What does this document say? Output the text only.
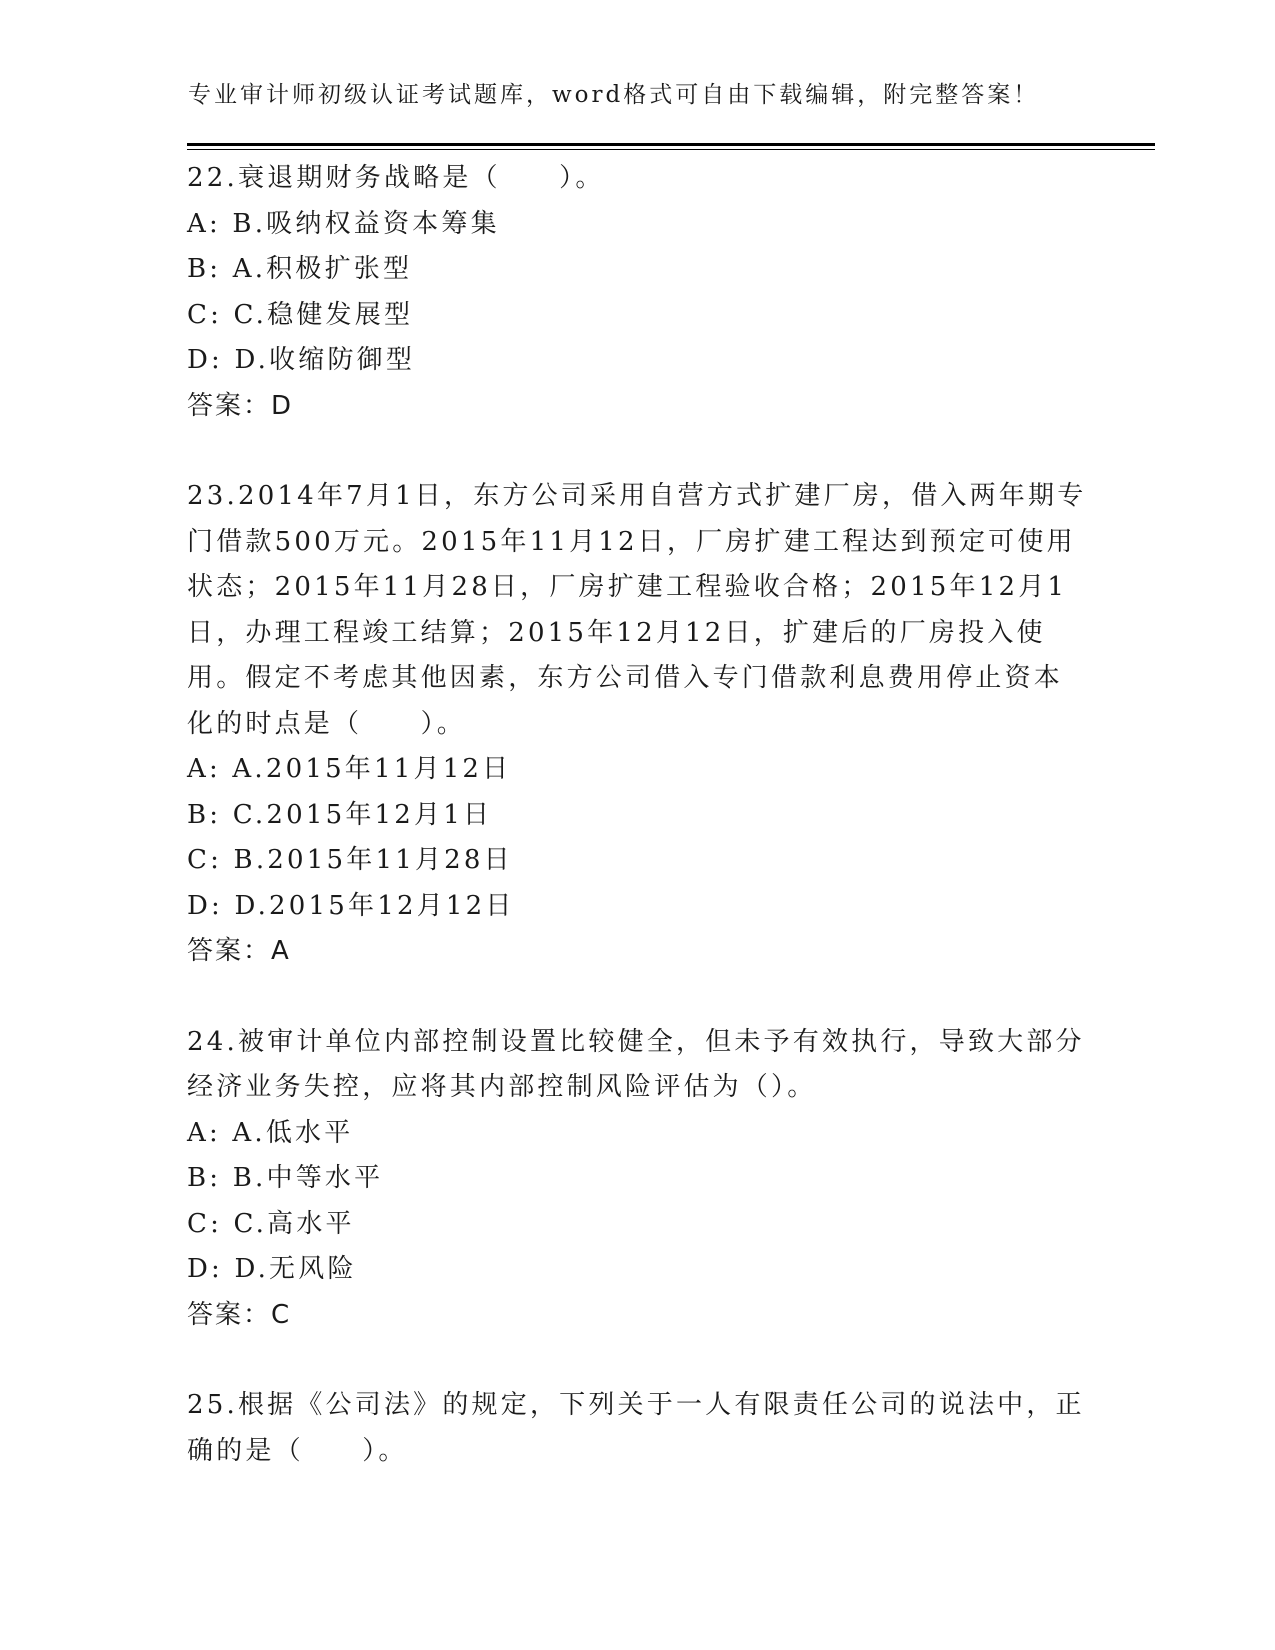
专业审计师初级认证考试题库，word格式可自由下载编辑，附完整答案！

22.衰退期财务战略是（　　）。

A: B.吸纳权益资本筹集
B: A.积极扩张型
C: C.稳健发展型
D: D.收缩防御型
答案：D

23.2014年7月1日，东方公司采用自营方式扩建厂房，借入两年期专门借款500万元。2015年11月12日，厂房扩建工程达到预定可使用状态；2015年11月28日，厂房扩建工程验收合格；2015年12月1日，办理工程竣工结算；2015年12月12日，扩建后的厂房投入使用。假定不考虑其他因素，东方公司借入专门借款利息费用停止资本化的时点是（　　）。

A: A.2015年11月12日
B: C.2015年12月1日
C: B.2015年11月28日
D: D.2015年12月12日
答案：A

24.被审计单位内部控制设置比较健全，但未予有效执行，导致大部分经济业务失控，应将其内部控制风险评估为（）。

A: A.低水平
B: B.中等水平
C: C.高水平
D: D.无风险
答案：C

25.根据《公司法》的规定，下列关于一人有限责任公司的说法中，正确的是（　　）。
